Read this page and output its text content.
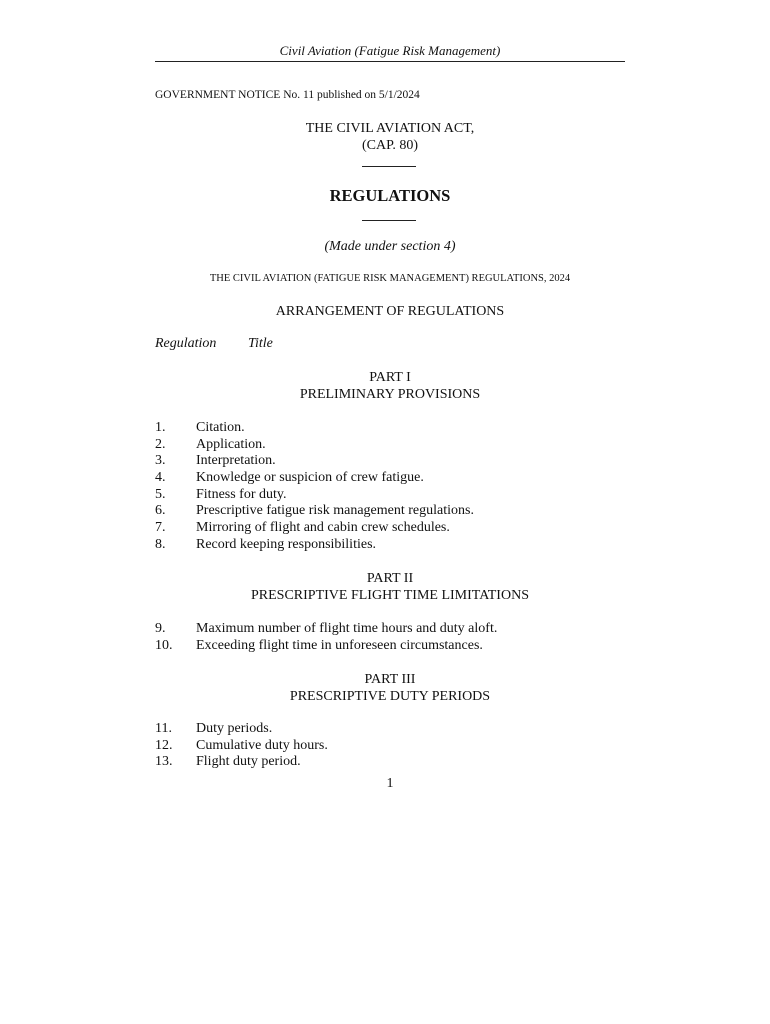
Civil Aviation (Fatigue Risk Management)
GOVERNMENT NOTICE No. 11 published on 5/1/2024
THE CIVIL AVIATION ACT,
(CAP. 80)
REGULATIONS
(Made under section 4)
THE CIVIL AVIATION (FATIGUE RISK MANAGEMENT) REGULATIONS, 2024
ARRANGEMENT OF REGULATIONS
Regulation Title
PART I
PRELIMINARY PROVISIONS
1. Citation.
2. Application.
3. Interpretation.
4. Knowledge or suspicion of crew fatigue.
5. Fitness for duty.
6. Prescriptive fatigue risk management regulations.
7. Mirroring of flight and cabin crew schedules.
8. Record keeping responsibilities.
PART II
PRESCRIPTIVE FLIGHT TIME LIMITATIONS
9. Maximum number of flight time hours and duty aloft.
10. Exceeding flight time in unforeseen circumstances.
PART III
PRESCRIPTIVE DUTY PERIODS
11. Duty periods.
12. Cumulative duty hours.
13. Flight duty period.
1
